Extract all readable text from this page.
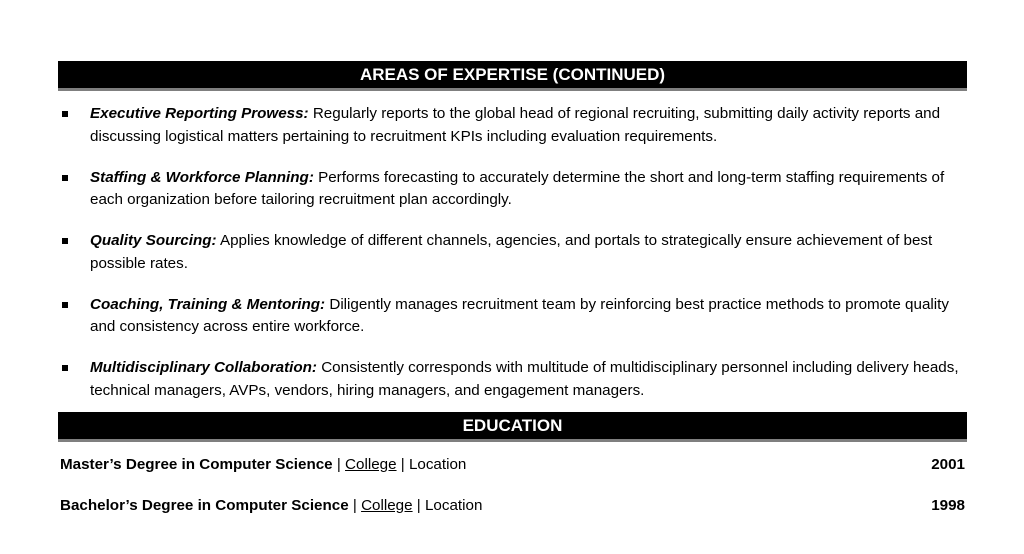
AREAS OF EXPERTISE (CONTINUED)
Executive Reporting Prowess: Regularly reports to the global head of regional recruiting, submitting daily activity reports and discussing logistical matters pertaining to recruitment KPIs including evaluation requirements.
Staffing & Workforce Planning: Performs forecasting to accurately determine the short and long-term staffing requirements of each organization before tailoring recruitment plan accordingly.
Quality Sourcing: Applies knowledge of different channels, agencies, and portals to strategically ensure achievement of best possible rates.
Coaching, Training & Mentoring: Diligently manages recruitment team by reinforcing best practice methods to promote quality and consistency across entire workforce.
Multidisciplinary Collaboration: Consistently corresponds with multitude of multidisciplinary personnel including delivery heads, technical managers, AVPs, vendors, hiring managers, and engagement managers.
EDUCATION
Master’s Degree in Computer Science | College | Location	2001
Bachelor’s Degree in Computer Science | College | Location	1998
